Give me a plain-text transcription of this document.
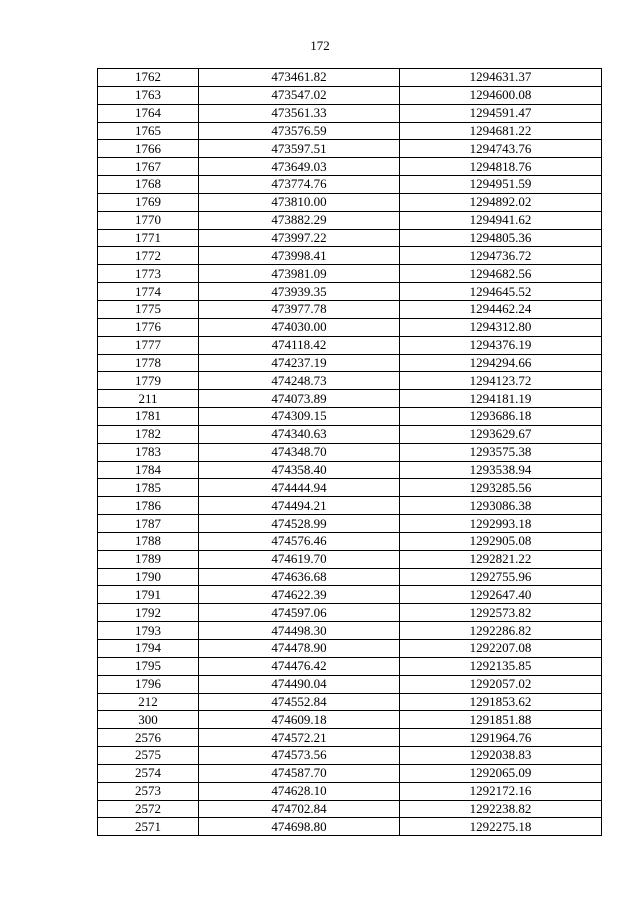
172
1762	473461.82	1294631.37
1763	473547.02	1294600.08
1764	473561.33	1294591.47
1765	473576.59	1294681.22
1766	473597.51	1294743.76
1767	473649.03	1294818.76
1768	473774.76	1294951.59
1769	473810.00	1294892.02
1770	473882.29	1294941.62
1771	473997.22	1294805.36
1772	473998.41	1294736.72
1773	473981.09	1294682.56
1774	473939.35	1294645.52
1775	473977.78	1294462.24
1776	474030.00	1294312.80
1777	474118.42	1294376.19
1778	474237.19	1294294.66
1779	474248.73	1294123.72
211	474073.89	1294181.19
1781	474309.15	1293686.18
1782	474340.63	1293629.67
1783	474348.70	1293575.38
1784	474358.40	1293538.94
1785	474444.94	1293285.56
1786	474494.21	1293086.38
1787	474528.99	1292993.18
1788	474576.46	1292905.08
1789	474619.70	1292821.22
1790	474636.68	1292755.96
1791	474622.39	1292647.40
1792	474597.06	1292573.82
1793	474498.30	1292286.82
1794	474478.90	1292207.08
1795	474476.42	1292135.85
1796	474490.04	1292057.02
212	474552.84	1291853.62
300	474609.18	1291851.88
2576	474572.21	1291964.76
2575	474573.56	1292038.83
2574	474587.70	1292065.09
2573	474628.10	1292172.16
2572	474702.84	1292238.82
2571	474698.80	1292275.18
